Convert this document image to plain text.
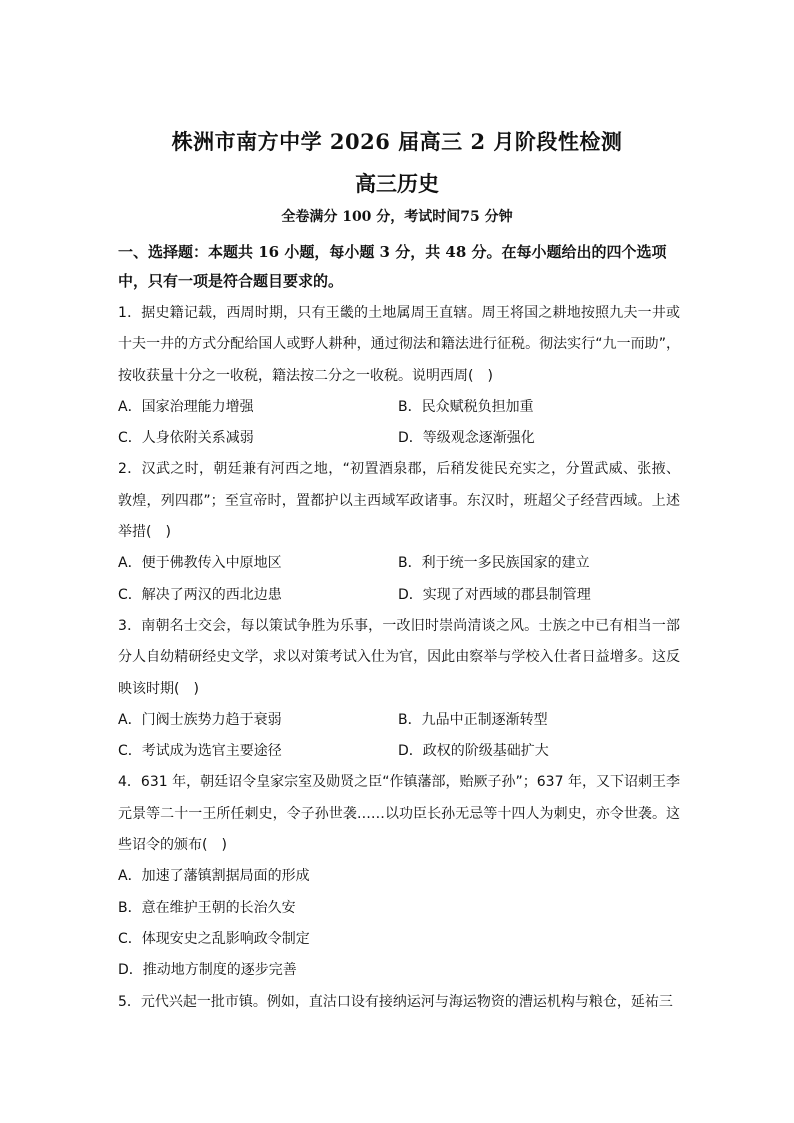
株洲市南方中学 2026 届高三 2 月阶段性检测
高三历史
全卷满分 100 分，考试时间75 分钟
一、选择题：本题共 16 小题，每小题 3 分，共 48 分。在每小题给出的四个选项中，只有一项是符合题目要求的。

1．据史籍记载，西周时期，只有王畿的土地属周王直辖。周王将国之耕地按照九夫一井或十夫一井的方式分配给国人或野人耕种，通过彻法和籍法进行征税。彻法实行“九一而助”，按收获量十分之一收税，籍法按二分之一收税。说明西周(　)

A．国家治理能力增强	B．民众赋税负担加重
C．人身依附关系减弱	D．等级观念逐渐强化

2．汉武之时，朝廷兼有河西之地，“初置酒泉郡，后稍发徙民充实之，分置武威、张掖、敦煌，列四郡”；至宣帝时，置都护以主西域军政诸事。东汉时，班超父子经营西域。上述举措(　)

A．便于佛教传入中原地区	B．利于统一多民族国家的建立
C．解决了两汉的西北边患	D．实现了对西域的郡县制管理

3．南朝名士交会，每以策试争胜为乐事，一改旧时崇尚清谈之风。士族之中已有相当一部分人自幼精研经史文学，求以对策考试入仕为官，因此由察举与学校入仕者日益增多。这反映该时期(　)

A．门阀士族势力趋于衰弱	B．九品中正制逐渐转型
C．考试成为选官主要途径	D．政权的阶级基础扩大

4．631 年，朝廷诏令皇家宗室及勋贤之臣“作镇藩部，贻厥子孙”；637 年，又下诏刺王李元景等二十一王所任刺史，令子孙世袭……以功臣长孙无忌等十四人为刺史，亦令世袭。这些诏令的颁布(　)

A．加速了藩镇割据局面的形成

B．意在维护王朝的长治久安

C．体现安史之乱影响政令制定

D．推动地方制度的逐步完善

5．元代兴起一批市镇。例如，直沽口设有接纳运河与海运物资的漕运机构与粮仓，延祐三
